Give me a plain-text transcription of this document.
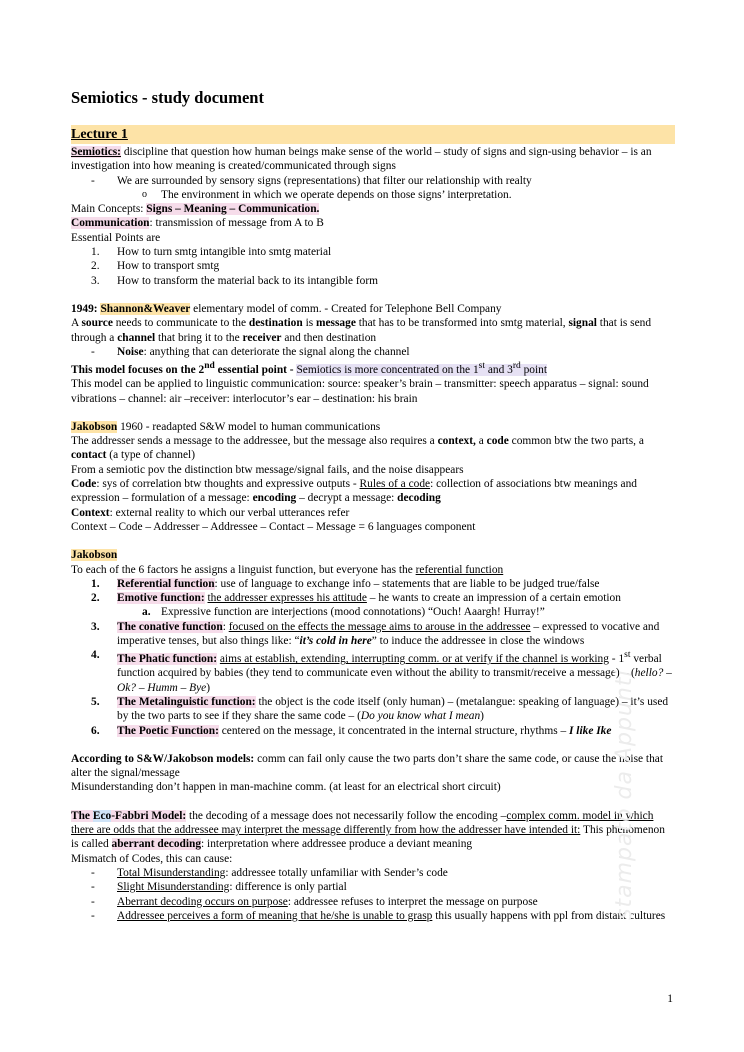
Semiotics - study document
Lecture 1

Semiotics: discipline that question how human beings make sense of the world – study of signs and sign-using behavior – is an investigation into how meaning is created/communicated through signs

- We are surrounded by sensory signs (representations) that filter our relationship with realty
o The environment in which we operate depends on those signs’ interpretation.

Main Concepts: Signs – Meaning – Communication.

Communication: transmission of message from A to B

Essential Points are

1. How to turn smtg intangible into smtg material
2. How to transport smtg
3. How to transform the material back to its intangible form

1949: Shannon&Weaver elementary model of comm. - Created for Telephone Bell Company

A source needs to communicate to the destination is message that has to be transformed into smtg material, signal that is send through a channel that bring it to the receiver and then destination

- Noise: anything that can deteriorate the signal along the channel

This model focuses on the 2nd essential point - Semiotics is more concentrated on the 1st and 3rd point

This model can be applied to linguistic communication: source: speaker’s brain – transmitter: speech apparatus – signal: sound vibrations – channel: air –receiver: interlocutor’s ear – destination: his brain

Jakobson 1960 - readapted S&W model to human communications

The addresser sends a message to the addressee, but the message also requires a context, a code common btw the two parts, a contact (a type of channel)

From a semiotic pov the distinction btw message/signal fails, and the noise disappears

Code: sys of correlation btw thoughts and expressive outputs - Rules of a code: collection of associations btw meanings and expression – formulation of a message: encoding – decrypt a message: decoding

Context: external reality to which our verbal utterances refer

Context – Code – Addresser – Addressee – Contact – Message = 6 languages component

Jakobson

To each of the 6 factors he assigns a linguist function, but everyone has the referential function

1. Referential function: use of language to exchange info – statements that are liable to be judged true/false
2. Emotive function: the addresser expresses his attitude – he wants to create an impression of a certain emotion
a. Expressive function are interjections (mood connotations) “Ouch! Aaargh! Hurray!”
3. The conative function: focused on the effects the message aims to arouse in the addressee – expressed to vocative and imperative tenses, but also things like: “it’s cold in here” to induce the addressee in close the windows
4. The Phatic function: aims at establish, extending, interrupting comm. or at verify if the channel is working - 1st verbal function acquired by babies (they tend to communicate even without the ability to transmit/receive a message) – (hello? – Ok? – Humm – Bye)
5. The Metalinguistic function: the object is the code itself (only human) – (metalangue: speaking of language) – it’s used by the two parts to see if they share the same code – (Do you know what I mean)
6. The Poetic Function: centered on the message, it concentrated in the internal structure, rhythms – I like Ike

According to S&W/Jakobson models: comm can fail only cause the two parts don’t share the same code, or cause the noise that alter the signal/message

Misunderstanding don’t happen in man-machine comm. (at least for an electrical short circuit)

The Eco-Fabbri Model: the decoding of a message does not necessarily follow the encoding –complex comm. model in which there are odds that the addressee may interpret the message differently from how the addresser have intended it: This phenomenon is called aberrant decoding: interpretation where addressee produce a deviant meaning

Mismatch of Codes, this can cause:

- Total Misunderstanding: addressee totally unfamiliar with Sender’s code
- Slight Misunderstanding: difference is only partial
- Aberrant decoding occurs on purpose: addressee refuses to interpret the message on purpose
- Addressee perceives a form of meaning that he/she is unable to grasp this usually happens with ppl from distant cultures
stampato da Appunti
1
